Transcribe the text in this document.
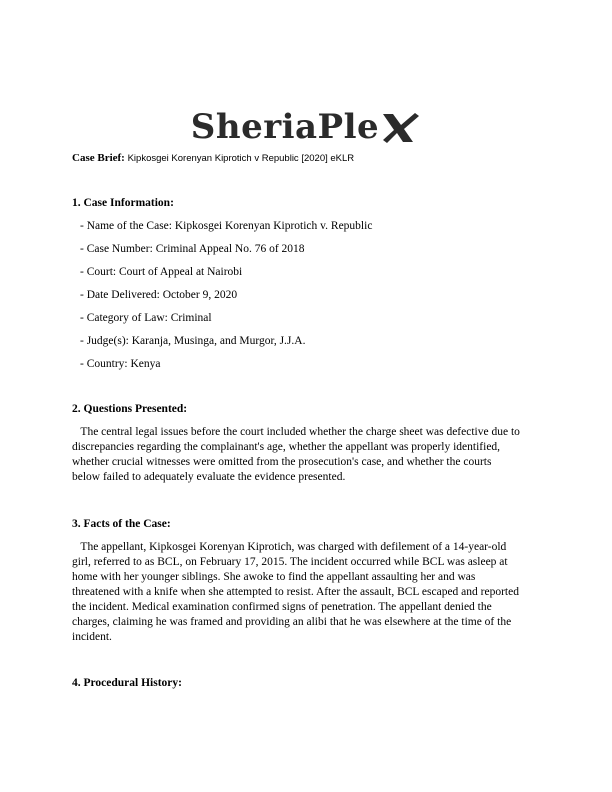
SheriaPle
Case Brief: Kipkosgei Korenyan Kiprotich v Republic [2020] eKLR
1. Case Information:
- Name of the Case: Kipkosgei Korenyan Kiprotich v. Republic
- Case Number: Criminal Appeal No. 76 of 2018
- Court: Court of Appeal at Nairobi
- Date Delivered: October 9, 2020
- Category of Law: Criminal
- Judge(s): Karanja, Musinga, and Murgor, J.J.A.
- Country: Kenya
2. Questions Presented:
The central legal issues before the court included whether the charge sheet was defective due to
discrepancies regarding the complainant's age, whether the appellant was properly identified,
whether crucial witnesses were omitted from the prosecution's case, and whether the courts
below failed to adequately evaluate the evidence presented.
3. Facts of the Case:
The appellant, Kipkosgei Korenyan Kiprotich, was charged with defilement of a 14-year-old
girl, referred to as BCL, on February 17, 2015. The incident occurred while BCL was asleep at
home with her younger siblings. She awoke to find the appellant assaulting her and was
threatened with a knife when she attempted to resist. After the assault, BCL escaped and reported
the incident. Medical examination confirmed signs of penetration. The appellant denied the
charges, claiming he was framed and providing an alibi that he was elsewhere at the time of the
incident.
4. Procedural History:
